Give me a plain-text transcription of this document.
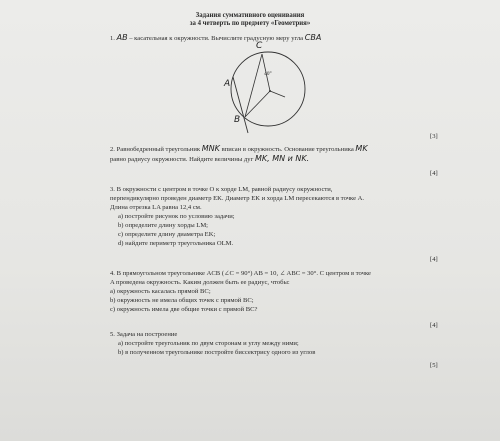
Задания суммативного оценивания
за 4 четверть по предмету «Геометрия»
1. AB – касательная к окружности. Вычислите градусную меру угла CBA
C
40°
A
B
[3]
2. Равнобедренный треугольник MNK вписан в окружность. Основание треугольника MK
равно радиусу окружности. Найдите величины дуг MK, MN и NK.
[4]
3. В окружности с центром в точке O к хорде LM, равной радиусу окружности,
перпендикулярно проведен диаметр EK. Диаметр EK и хорда LM пересекаются в точке A.
Длина отрезка LA равна 12,4 см.
a) постройте рисунок по условию задачи;
b) определите длину хорды LM;
c) определите длину диаметра EK;
d) найдите периметр треугольника OLM.
[4]
4. В прямоугольном треугольнике ACB (∠C = 90°) AB = 10, ∠ ABC = 30°. С центром в точке
A проведена окружность. Каким должен быть ее радиус, чтобы:
a) окружность касалась прямой BC;
b) окружность не имела общих точек с прямой BC;
c) окружность имела две общие точки с прямой BC?
[4]
5. Задача на построение
a) постройте треугольник по двум сторонам и углу между ними;
b) в полученном треугольнике постройте биссектрису одного из углов
[5]
